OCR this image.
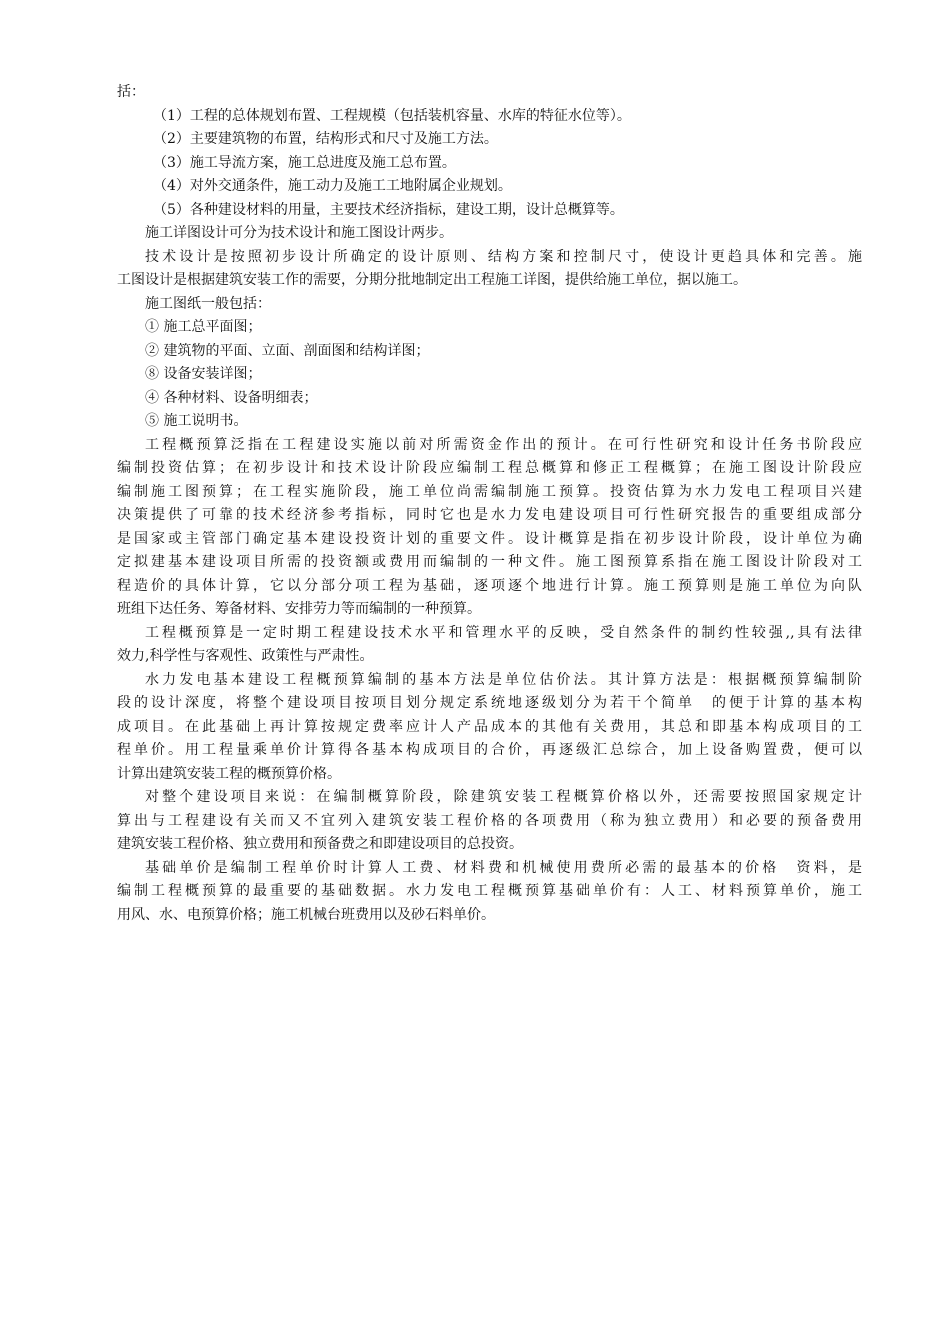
括：
（1）工程的总体规划布置、工程规模（包括装机容量、水库的特征水位等）。
（2）主要建筑物的布置，结构形式和尺寸及施工方法。
（3）施工导流方案，施工总进度及施工总布置。
（4）对外交通条件，施工动力及施工工地附属企业规划。
（5）各种建设材料的用量，主要技术经济指标，建设工期，设计总概算等。
施工详图设计可分为技术设计和施工图设计两步。
技术设计是按照初步设计所确定的设计原则、结构方案和控制尺寸，使设计更趋具体和完善。施
工图设计是根据建筑安装工作的需要，分期分批地制定出工程施工详图，提供给施工单位，据以施工。
施工图纸一般包括：
① 施工总平面图；
② 建筑物的平面、立面、剖面图和结构详图；
⑧ 设备安装详图；
④ 各种材料、设备明细表；
⑤ 施工说明书。
工程概预算泛指在工程建设实施以前对所需资金作出的预计。在可行性研究和设计任务书阶段应
编制投资估算；在初步设计和技术设计阶段应编制工程总概算和修正工程概算；在施工图设计阶段应
编制施工图预算；在工程实施阶段，施工单位尚需编制施工预算。投资估算为水力发电工程项目兴建
决策提供了可靠的技术经济参考指标，同时它也是水力发电建设项目可行性研究报告的重要组成部分
是国家或主管部门确定基本建设投资计划的重要文件。设计概算是指在初步设计阶段，设计单位为确
定拟建基本建设项目所需的投资额或费用而编制的一种文件。施工图预算系指在施工图设计阶段对工
程造价的具体计算，它以分部分项工程为基础，逐项逐个地进行计算。施工预算则是施工单位为向队
班组下达任务、筹备材料、安排劳力等而编制的一种预算。
工程概预算是一定时期工程建设技术水平和管理水平的反映，受自然条件的制约性较强,,具有法律
效力,科学性与客观性、政策性与严肃性。
水力发电基本建设工程概预算编制的基本方法是单位估价法。其计算方法是：根据概预算编制阶
段的设计深度，将整个建设项目按项目划分规定系统地逐级划分为若干个简单　的便于计算的基本构
成项目。在此基础上再计算按规定费率应计人产品成本的其他有关费用，其总和即基本构成项目的工
程单价。用工程量乘单价计算得各基本构成项目的合价，再逐级汇总综合，加上设备购置费，便可以
计算出建筑安装工程的概预算价格。
对整个建设项目来说：在编制概算阶段，除建筑安装工程概算价格以外，还需要按照国家规定计
算出与工程建设有关而又不宜列入建筑安装工程价格的各项费用（称为独立费用）和必要的预备费用
建筑安装工程价格、独立费用和预备费之和即建设项目的总投资。
基础单价是编制工程单价时计算人工费、材料费和机械使用费所必需的最基本的价格　资料，是
编制工程概预算的最重要的基础数据。水力发电工程概预算基础单价有：人工、材料预算单价，施工
用风、水、电预算价格；施工机械台班费用以及砂石料单价。
